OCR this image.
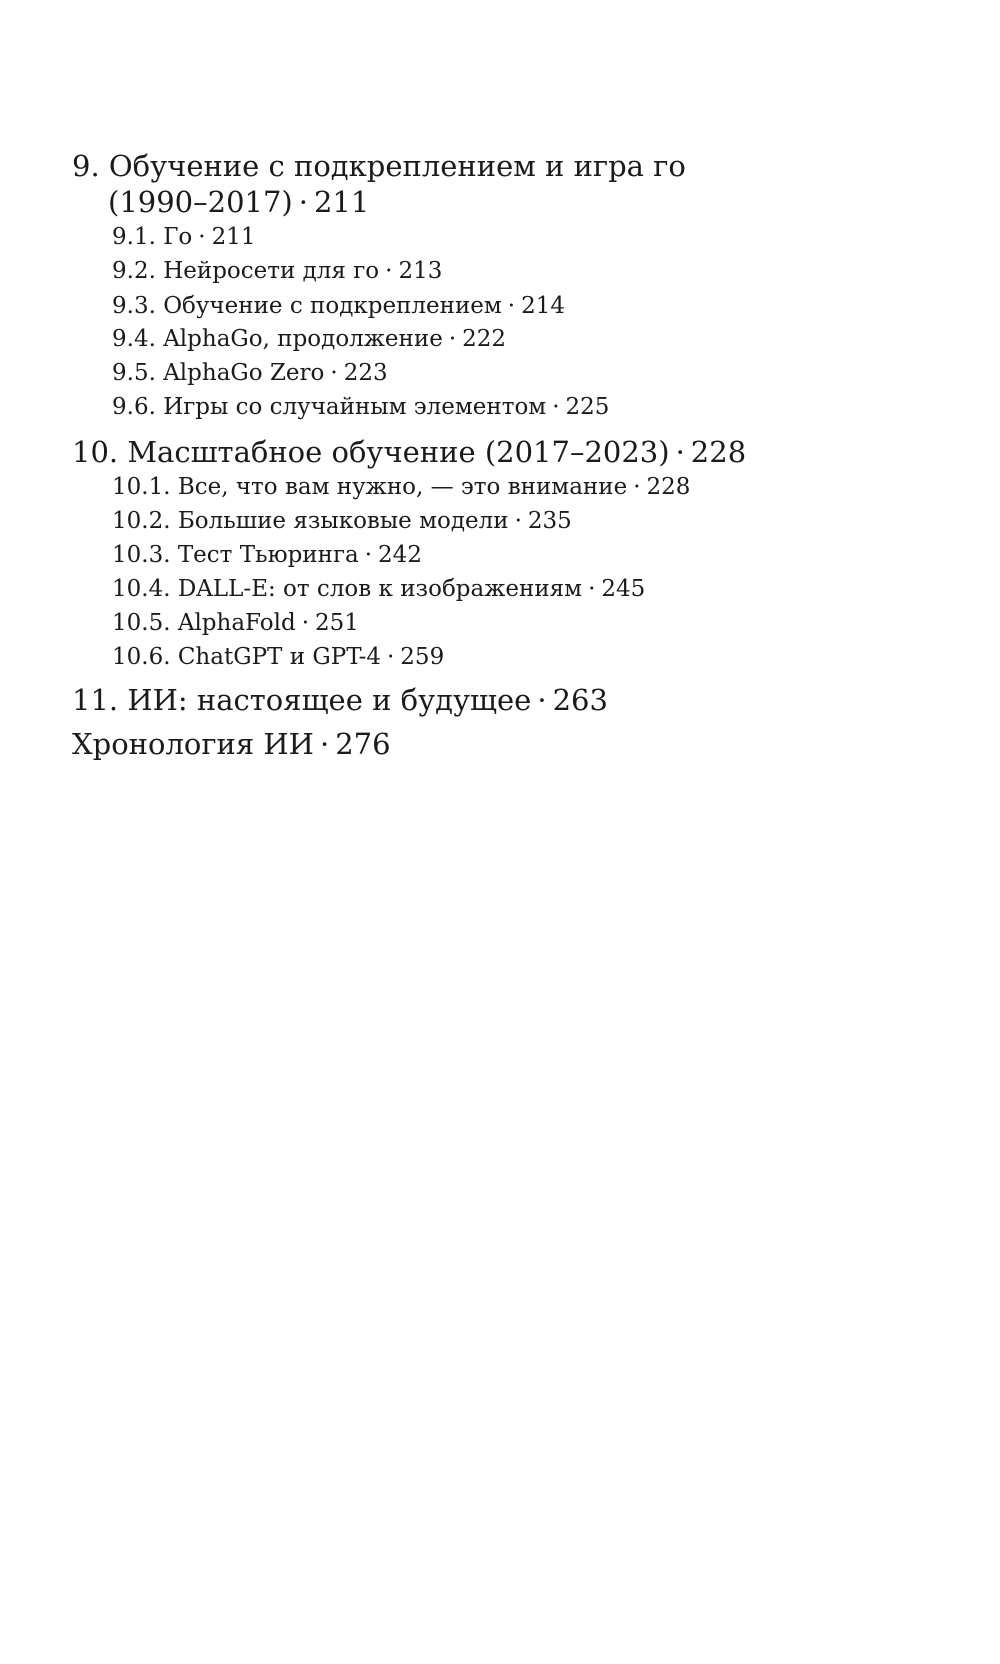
9. Обучение с подкреплением и игра го
(1990–2017) · 211
9.1. Го · 211
9.2. Нейросети для го · 213
9.3. Обучение с подкреплением · 214
9.4. AlphaGo, продолжение · 222
9.5. AlphaGo Zero · 223
9.6. Игры со случайным элементом · 225
10. Масштабное обучение (2017–2023) · 228
10.1. Все, что вам нужно, — это внимание · 228
10.2. Большие языковые модели · 235
10.3. Тест Тьюринга · 242
10.4. DALL-E: от слов к изображениям · 245
10.5. AlphaFold · 251
10.6. ChatGPT и GPT-4 · 259
11. ИИ: настоящее и будущее · 263
Хронология ИИ · 276
